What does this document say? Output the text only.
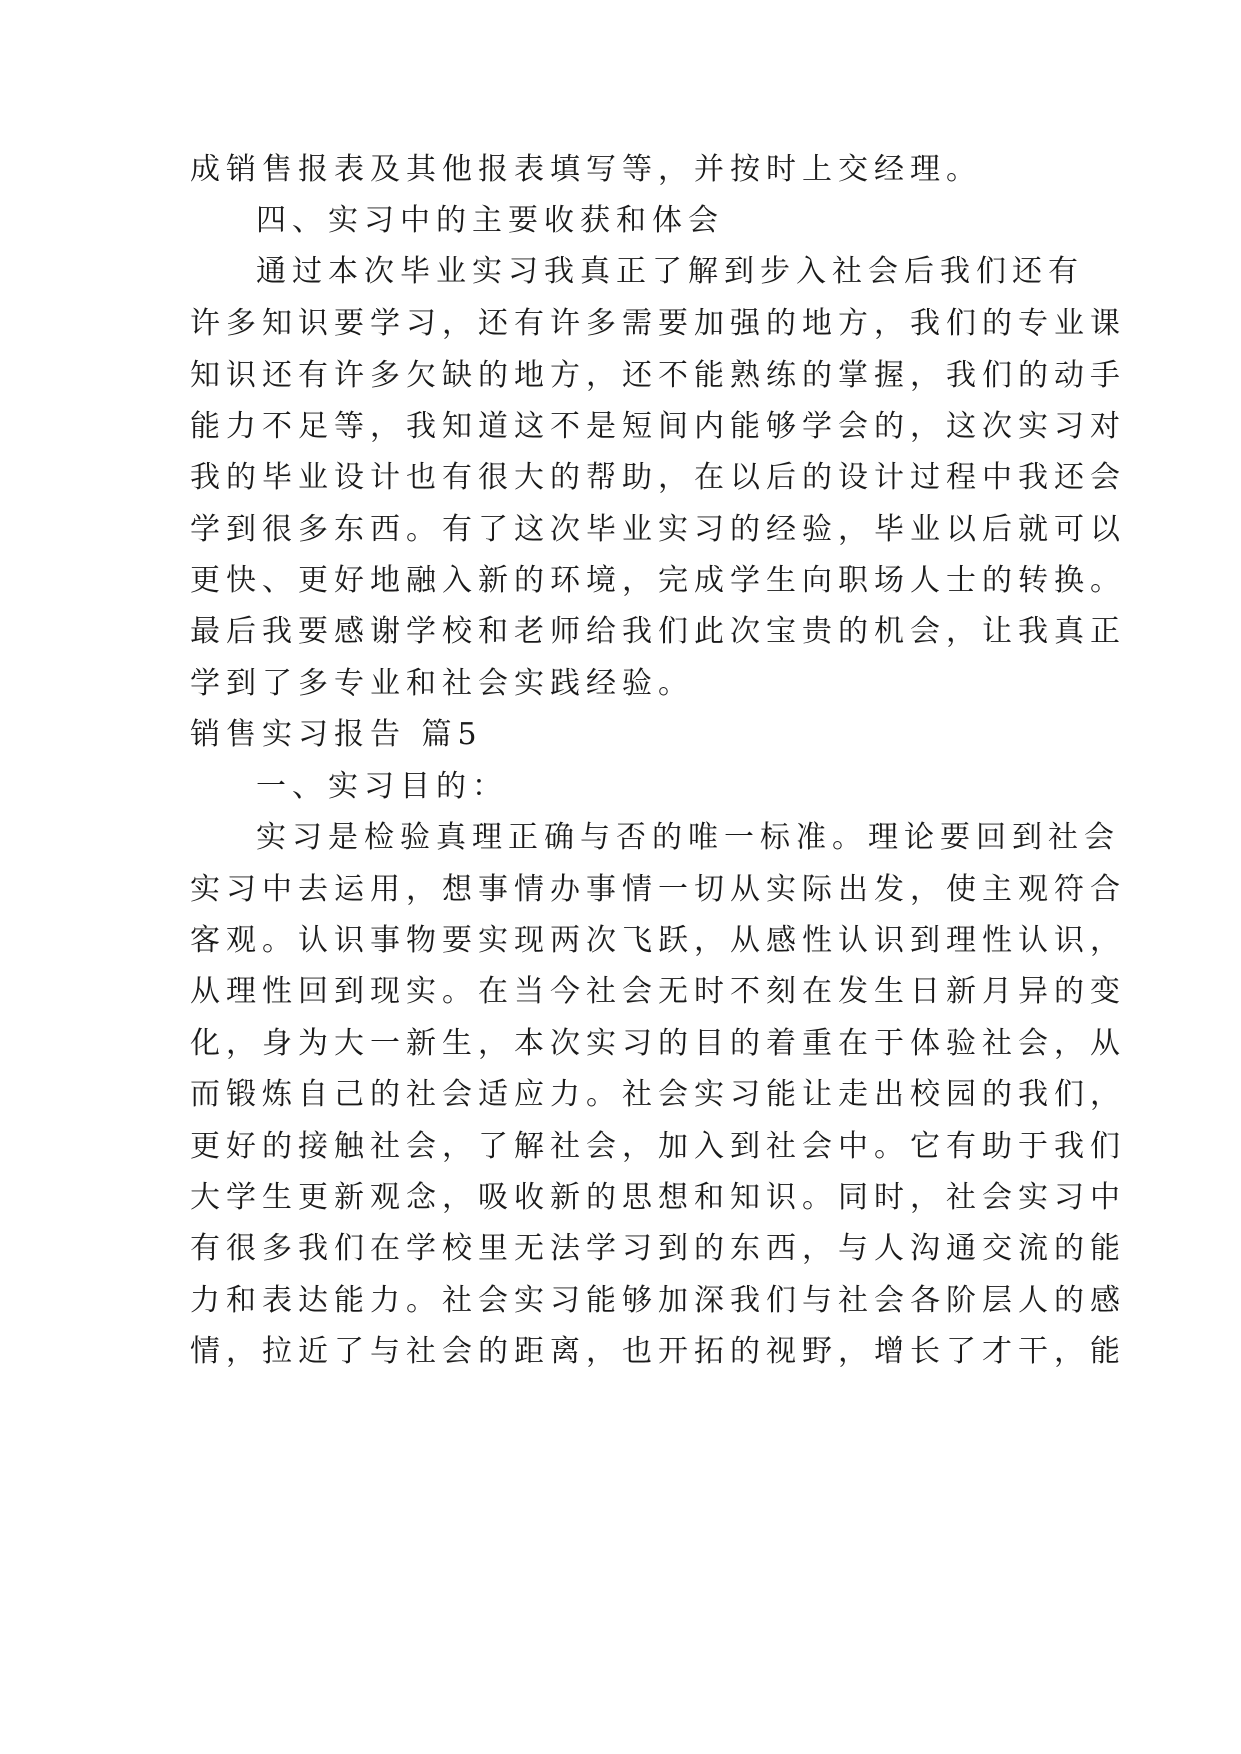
成销售报表及其他报表填写等，并按时上交经理。
四、实习中的主要收获和体会
通过本次毕业实习我真正了解到步入社会后我们还有
许多知识要学习，还有许多需要加强的地方，我们的专业课
知识还有许多欠缺的地方，还不能熟练的掌握，我们的动手
能力不足等，我知道这不是短间内能够学会的，这次实习对
我的毕业设计也有很大的帮助，在以后的设计过程中我还会
学到很多东西。有了这次毕业实习的经验，毕业以后就可以
更快、更好地融入新的环境，完成学生向职场人士的转换。
最后我要感谢学校和老师给我们此次宝贵的机会，让我真正
学到了多专业和社会实践经验。
销售实习报告 篇5
一、实习目的：
实习是检验真理正确与否的唯一标准。理论要回到社会
实习中去运用，想事情办事情一切从实际出发，使主观符合
客观。认识事物要实现两次飞跃，从感性认识到理性认识，
从理性回到现实。在当今社会无时不刻在发生日新月异的变
化，身为大一新生，本次实习的目的着重在于体验社会，从
而锻炼自己的社会适应力。社会实习能让走出校园的我们，
更好的接触社会，了解社会，加入到社会中。它有助于我们
大学生更新观念，吸收新的思想和知识。同时，社会实习中
有很多我们在学校里无法学习到的东西，与人沟通交流的能
力和表达能力。社会实习能够加深我们与社会各阶层人的感
情，拉近了与社会的距离，也开拓的视野，增长了才干，能
